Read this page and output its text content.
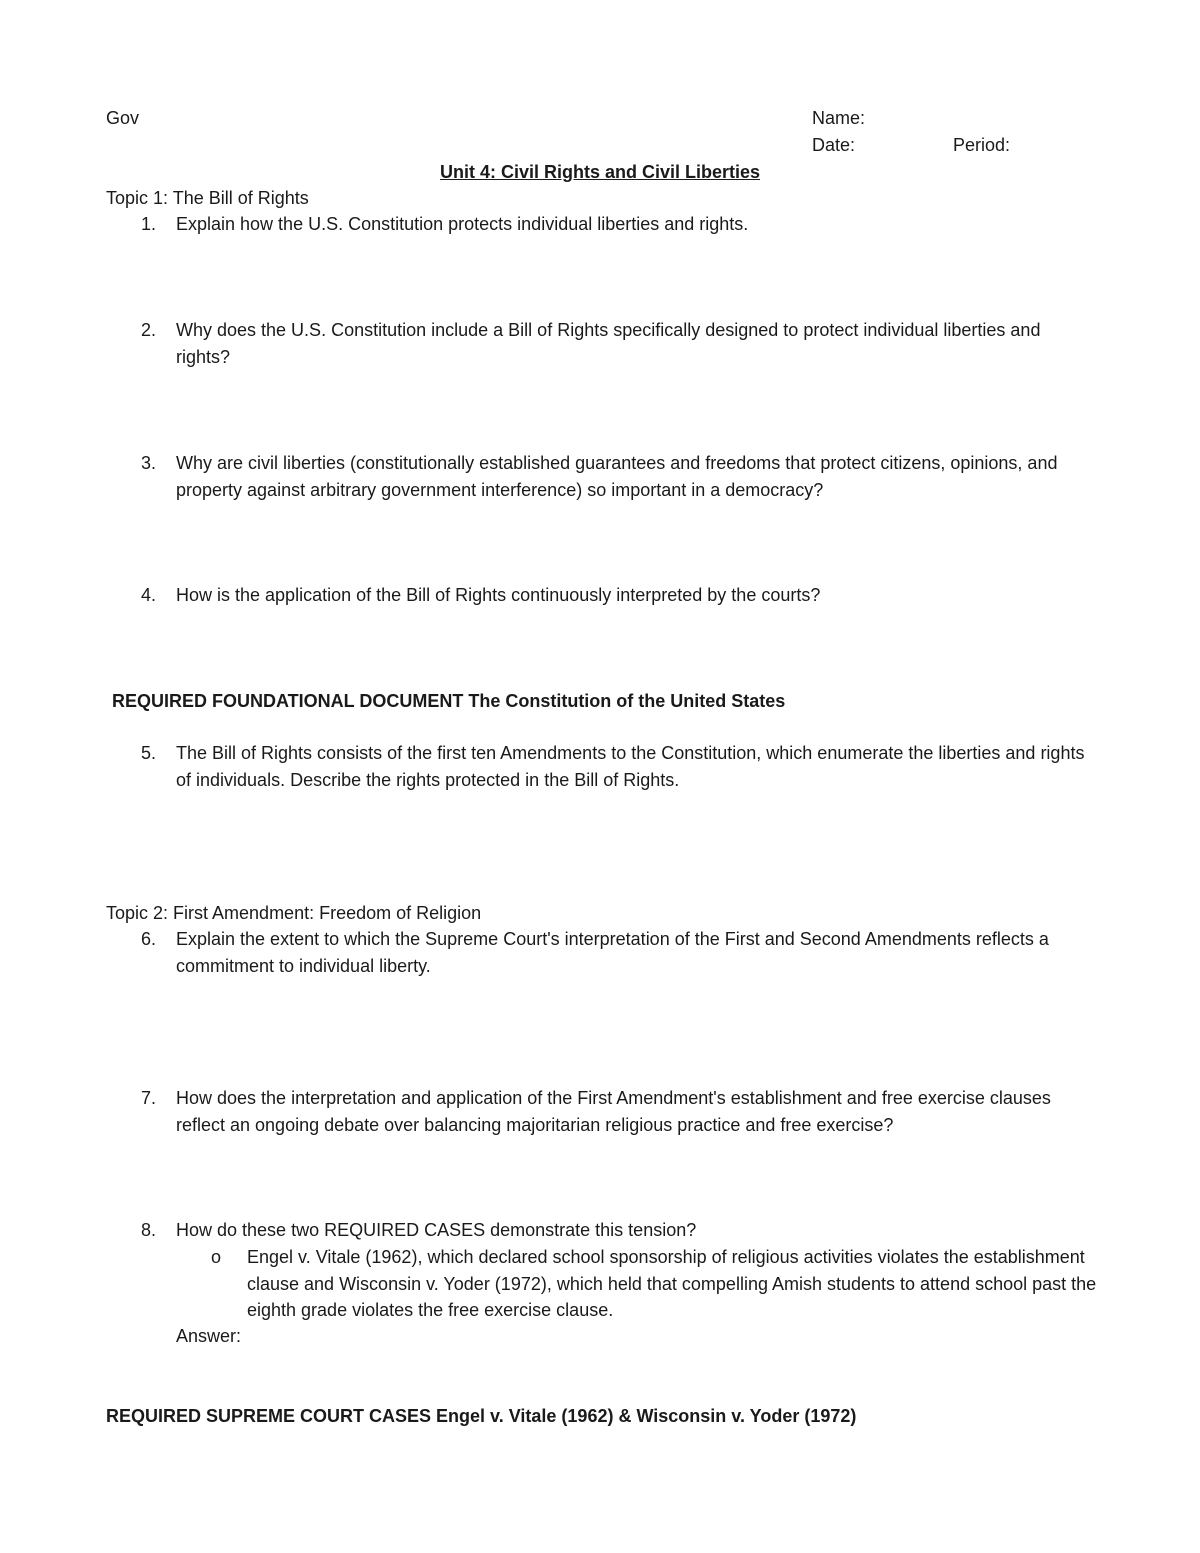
Gov	Name:
Date:	Period:
Unit 4: Civil Rights and Civil Liberties
Topic 1: The Bill of Rights
1. Explain how the U.S. Constitution protects individual liberties and rights.
2. Why does the U.S. Constitution include a Bill of Rights specifically designed to protect individual liberties and rights?
3. Why are civil liberties (constitutionally established guarantees and freedoms that protect citizens, opinions, and property against arbitrary government interference) so important in a democracy?
4. How is the application of the Bill of Rights continuously interpreted by the courts?
REQUIRED FOUNDATIONAL DOCUMENT The Constitution of the United States
5. The Bill of Rights consists of the first ten Amendments to the Constitution, which enumerate the liberties and rights of individuals. Describe the rights protected in the Bill of Rights.
Topic 2: First Amendment: Freedom of Religion
6. Explain the extent to which the Supreme Court's interpretation of the First and Second Amendments reflects a commitment to individual liberty.
7. How does the interpretation and application of the First Amendment's establishment and free exercise clauses reflect an ongoing debate over balancing majoritarian religious practice and free exercise?
8. How do these two REQUIRED CASES demonstrate this tension?
o Engel v. Vitale (1962), which declared school sponsorship of religious activities violates the establishment clause and Wisconsin v. Yoder (1972), which held that compelling Amish students to attend school past the eighth grade violates the free exercise clause.
Answer:
REQUIRED SUPREME COURT CASES Engel v. Vitale (1962) & Wisconsin v. Yoder (1972)
